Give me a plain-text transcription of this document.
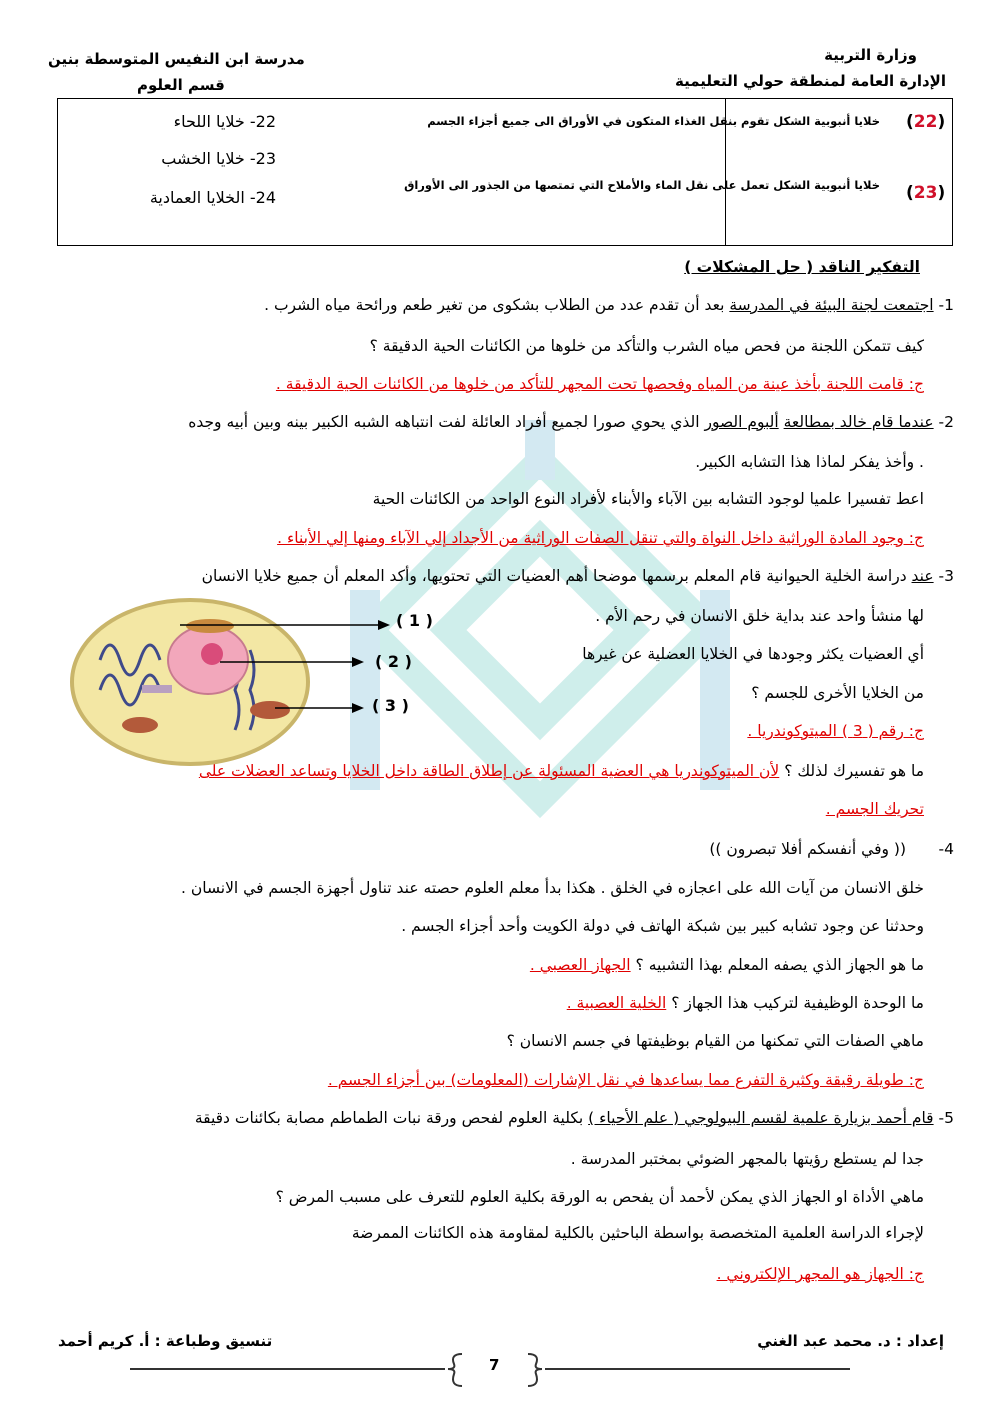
وزارة التربية
الإدارة العامة لمنطقة حولي التعليمية
مدرسة ابن النفيس المتوسطة بنين
قسم العلوم

(22)
خلايا أنبوبية الشكل تقوم بنقل الغذاء المتكون في الأوراق الى جميع أجزاء الجسم
(23)
خلايا أنبوبية الشكل تعمل على نقل الماء والأملاح التي تمتصها من الجذور الى الأوراق
22- خلايا اللحاء
23- خلايا الخشب
24- الخلايا العمادية
التفكير الناقد ( حل المشكلات )
1- اجتمعت لجنة البيئة في المدرسة بعد أن تقدم عدد من الطلاب بشكوى من تغير طعم ورائحة مياه الشرب .
كيف تتمكن اللجنة من فحص مياه الشرب والتأكد من خلوها من الكائنات الحية الدقيقة ؟
ج: قامت اللجنة بأخذ عينة من المياه وفحصها تحت المجهر للتأكد من خلوها من الكائنات الحية الدقيقة .
2- عندما قام خالد بمطالعة ألبوم الصور الذي يحوي صورا لجميع أفراد العائلة لفت انتباهه الشبه الكبير بينه وبين أبيه وجده
. وأخذ يفكر لماذا هذا التشابه الكبير.
اعط تفسيرا علميا لوجود التشابه بين الآباء والأبناء لأفراد النوع الواحد من الكائنات الحية
ج: وجود المادة الوراثية داخل النواة والتي تنقل الصفات الوراثية من الأجداد إلي الآباء ومنها إلي الأبناء .
3- عند دراسة الخلية الحيوانية قام المعلم برسمها موضحا أهم العضيات التي تحتويها، وأكد المعلم أن جميع خلايا الانسان
لها منشأ واحد عند بداية خلق الانسان في رحم الأم .
أي العضيات يكثر وجودها في الخلايا العضلية عن غيرها
من الخلايا الأخرى للجسم ؟
ج: رقم ( 3 ) الميتوكوندريا .
ما هو تفسيرك لذلك ؟ لأن الميتوكوندريا هي العضية المسئولة عن إطلاق الطاقة داخل الخلايا وتساعد العضلات على
تحريك الجسم .
( 1 )
( 2 )
( 3 )
4-
(( وفي أنفسكم أفلا تبصرون ))
خلق الانسان من آيات الله على اعجازه في الخلق . هكذا بدأ معلم العلوم حصته عند تناول أجهزة الجسم في الانسان .
وحدثنا عن وجود تشابه كبير بين شبكة الهاتف في دولة الكويت وأحد أجزاء الجسم .
ما هو الجهاز الذي يصفه المعلم بهذا التشبيه ؟ الجهاز العصبي .
ما الوحدة الوظيفية لتركيب هذا الجهاز ؟ الخلية العصبية .
ماهي الصفات التي تمكنها من القيام بوظيفتها في جسم الانسان ؟
ج: طويلة رقيقة وكثيرة التفرع مما يساعدها في نقل الإشارات (المعلومات) بين أجزاء الجسم .
5- قام أحمد بزيارة علمية لقسم البيولوجي ( علم الأحياء ) بكلية العلوم لفحص ورقة نبات الطماطم مصابة بكائنات دقيقة
جدا لم يستطع رؤيتها بالمجهر الضوئي بمختبر المدرسة .
ماهي الأداة او الجهاز الذي يمكن لأحمد أن يفحص به الورقة بكلية العلوم للتعرف على مسبب المرض ؟
لإجراء الدراسة العلمية المتخصصة بواسطة الباحثين بالكلية لمقاومة هذه الكائنات الممرضة
ج: الجهاز هو المجهر الإلكتروني .
إعداد : د. محمد عبد الغني
تنسيق وطباعة : أ. كريم أحمد
7
